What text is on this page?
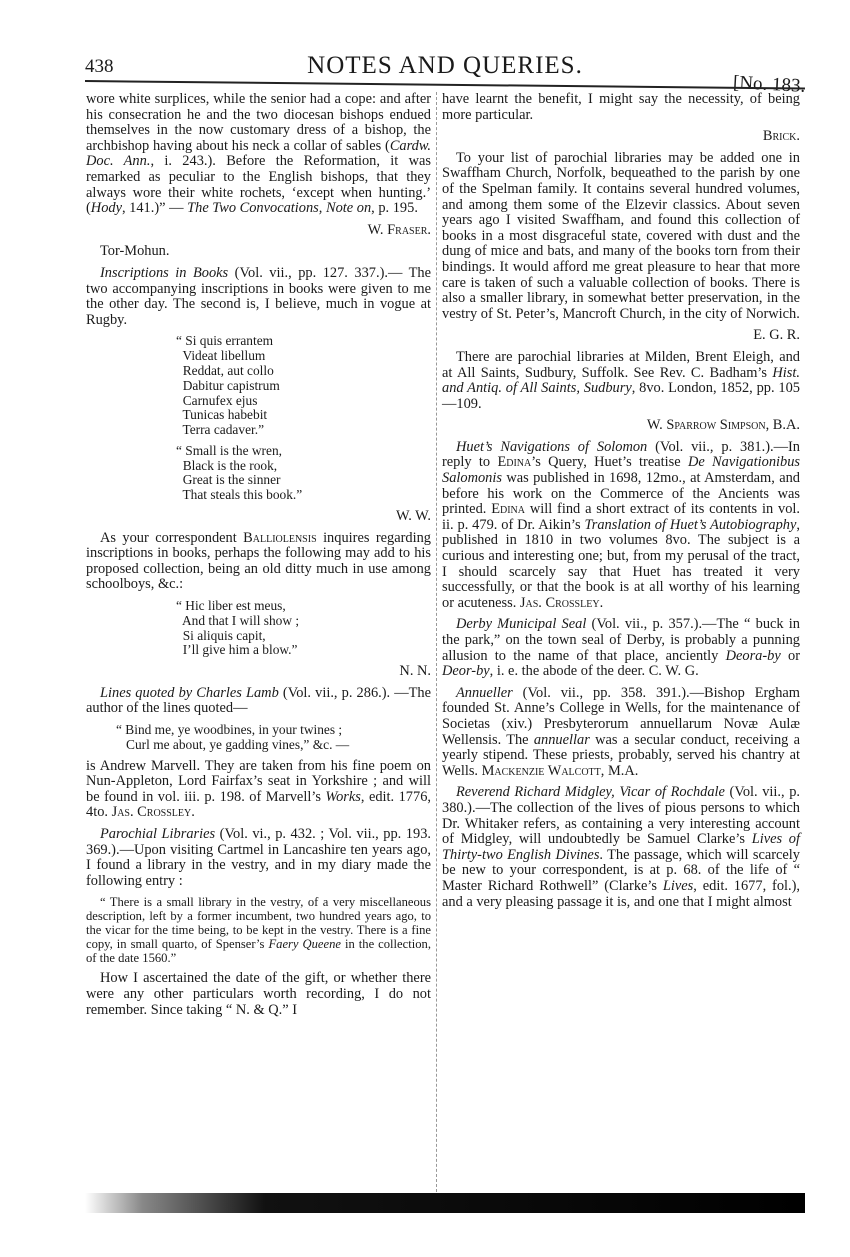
438	NOTES AND QUERIES.
[No. 183.

wore white surplices, while the senior had a cope: and after his consecration he and the two diocesan bishops endued themselves in the now customary dress of a bishop, the archbishop having about his neck a collar of sables (Cardw. Doc. Ann., i. 243.). Before the Reformation, it was remarked as peculiar to the English bishops, that they always wore their white rochets, ‘except when hunting.’ (Hody, 141.)” — The Two Convocations, Note on, p. 195.

W. Fraser.

Tor-Mohun.

Inscriptions in Books (Vol. vii., pp. 127. 337.).— The two accompanying inscriptions in books were given to me the other day. The second is, I believe, much in vogue at Rugby.

“ Si quis errantem
Videat libellum
Reddat, aut collo
Dabitur capistrum
Carnufex ejus
Tunicas habebit
Terra cadaver.”
“ Small is the wren,
Black is the rook,
Great is the sinner
That steals this book.”

W. W.

As your correspondent Balliolensis inquires regarding inscriptions in books, perhaps the following may add to his proposed collection, being an old ditty much in use among schoolboys, &c.:

“ Hic liber est meus,
And that I will show ;
Si aliquis capit,
I’ll give him a blow.”

N. N.

Lines quoted by Charles Lamb (Vol. vii., p. 286.). —The author of the lines quoted—

“ Bind me, ye woodbines, in your twines ;
Curl me about, ye gadding vines,” &c. —

is Andrew Marvell. They are taken from his fine poem on Nun-Appleton, Lord Fairfax’s seat in Yorkshire ; and will be found in vol. iii. p. 198. of Marvell’s Works, edit. 1776, 4to. Jas. Crossley.

Parochial Libraries (Vol. vi., p. 432. ; Vol. vii., pp. 193. 369.).—Upon visiting Cartmel in Lancashire ten years ago, I found a library in the vestry, and in my diary made the following entry :

“ There is a small library in the vestry, of a very miscellaneous description, left by a former incumbent, two hundred years ago, to the vicar for the time being, to be kept in the vestry. There is a fine copy, in small quarto, of Spenser’s Faery Queene in the collection, of the date 1560.”

How I ascertained the date of the gift, or whether there were any other particulars worth recording, I do not remember. Since taking “ N. & Q.” I

have learnt the benefit, I might say the necessity, of being more particular.

Brick.

To your list of parochial libraries may be added one in Swaffham Church, Norfolk, bequeathed to the parish by one of the Spelman family. It contains several hundred volumes, and among them some of the Elzevir classics. About seven years ago I visited Swaffham, and found this collection of books in a most disgraceful state, covered with dust and the dung of mice and bats, and many of the books torn from their bindings. It would afford me great pleasure to hear that more care is taken of such a valuable collection of books. There is also a smaller library, in somewhat better preservation, in the vestry of St. Peter’s, Mancroft Church, in the city of Norwich.

E. G. R.

There are parochial libraries at Milden, Brent Eleigh, and at All Saints, Sudbury, Suffolk. See Rev. C. Badham’s Hist. and Antiq. of All Saints, Sudbury, 8vo. London, 1852, pp. 105—109.

W. Sparrow Simpson, B.A.

Huet’s Navigations of Solomon (Vol. vii., p. 381.).—In reply to Edina’s Query, Huet’s treatise De Navigationibus Salomonis was published in 1698, 12mo., at Amsterdam, and before his work on the Commerce of the Ancients was printed. Edina will find a short extract of its contents in vol. ii. p. 479. of Dr. Aikin’s Translation of Huet’s Autobiography, published in 1810 in two volumes 8vo. The subject is a curious and interesting one; but, from my perusal of the tract, I should scarcely say that Huet has treated it very successfully, or that the book is at all worthy of his learning or acuteness. Jas. Crossley.

Derby Municipal Seal (Vol. vii., p. 357.).—The “ buck in the park,” on the town seal of Derby, is probably a punning allusion to the name of that place, anciently Deora-by or Deor-by, i. e. the abode of the deer. C. W. G.

Annueller (Vol. vii., pp. 358. 391.).—Bishop Ergham founded St. Anne’s College in Wells, for the maintenance of Societas (xiv.) Presbyterorum annuellarum Novæ Aulæ Wellensis. The annuellar was a secular conduct, receiving a yearly stipend. These priests, probably, served his chantry at Wells. Mackenzie Walcott, M.A.

Reverend Richard Midgley, Vicar of Rochdale (Vol. vii., p. 380.).—The collection of the lives of pious persons to which Dr. Whitaker refers, as containing a very interesting account of Midgley, will undoubtedly be Samuel Clarke’s Lives of Thirty-two English Divines. The passage, which will scarcely be new to your correspondent, is at p. 68. of the life of “ Master Richard Rothwell” (Clarke’s Lives, edit. 1677, fol.), and a very pleasing passage it is, and one that I might almost
